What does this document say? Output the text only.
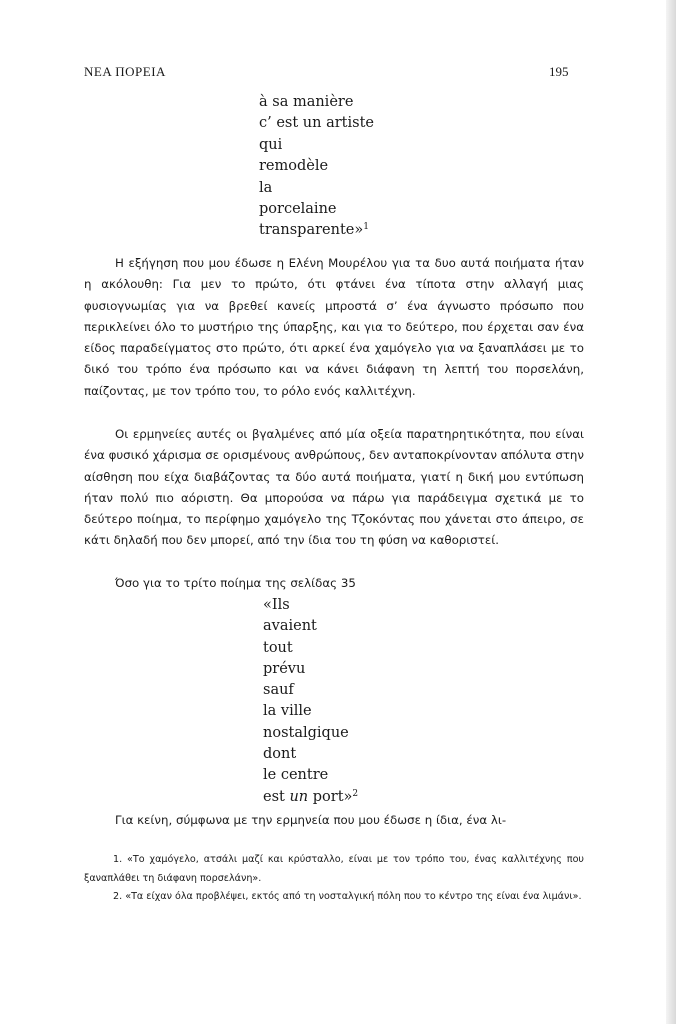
ΝΕΑ ΠΟΡΕΙΑ	195
à sa manière
c’ est un artiste
qui
remodèle
la
porcelaine
transparente»$^1$

Η εξήγηση που μου έδωσε η Ελένη Μουρέλου για τα δυο αυτά ποιήματα ήταν η ακόλουθη: Για μεν το πρώτο, ότι φτάνει ένα τίποτα στην αλλαγή μιας φυσιογνωμίας για να βρεθεί κανείς μπροστά σ’ ένα άγνωστο πρόσωπο που περικλείνει όλο το μυστήριο της ύπαρξης, και για το δεύτερο, που έρχεται σαν ένα είδος παραδείγματος στο πρώτο, ότι αρκεί ένα χαμόγελο για να ξαναπλάσει με το δικό του τρόπο ένα πρόσωπο και να κάνει διάφανη τη λεπτή του πορσελάνη, παίζοντας, με τον τρόπο του, το ρόλο ενός καλλιτέχνη.

Οι ερμηνείες αυτές οι βγαλμένες από μία οξεία παρατηρητικότητα, που είναι ένα φυσικό χάρισμα σε ορισμένους ανθρώπους, δεν ανταποκρίνονταν απόλυτα στην αίσθηση που είχα διαβάζοντας τα δύο αυτά ποιήματα, γιατί η δική μου εντύπωση ήταν πολύ πιο αόριστη. Θα μπορούσα να πάρω για παράδειγμα σχετικά με το δεύτερο ποίημα, το περίφημο χαμόγελο της Τζοκόντας που χάνεται στο άπειρο, σε κάτι δηλαδή που δεν μπορεί, από την ίδια του τη φύση να καθοριστεί.

Όσο για το τρίτο ποίημα της σελίδας 35

«Ils
avaient
tout
prévu
sauf
la ville
nostalgique
dont
le centre
est un port»$^2$

Για κείνη, σύμφωνα με την ερμηνεία που μου έδωσε η ίδια, ένα λι-

1. «Το χαμόγελο, ατσάλι μαζί και κρύσταλλο, είναι με τον τρόπο του, ένας καλλιτέχνης που ξαναπλάθει τη διάφανη πορσελάνη».

2. «Τα είχαν όλα προβλέψει, εκτός από τη νοσταλγική πόλη που το κέντρο της είναι ένα λιμάνι».
